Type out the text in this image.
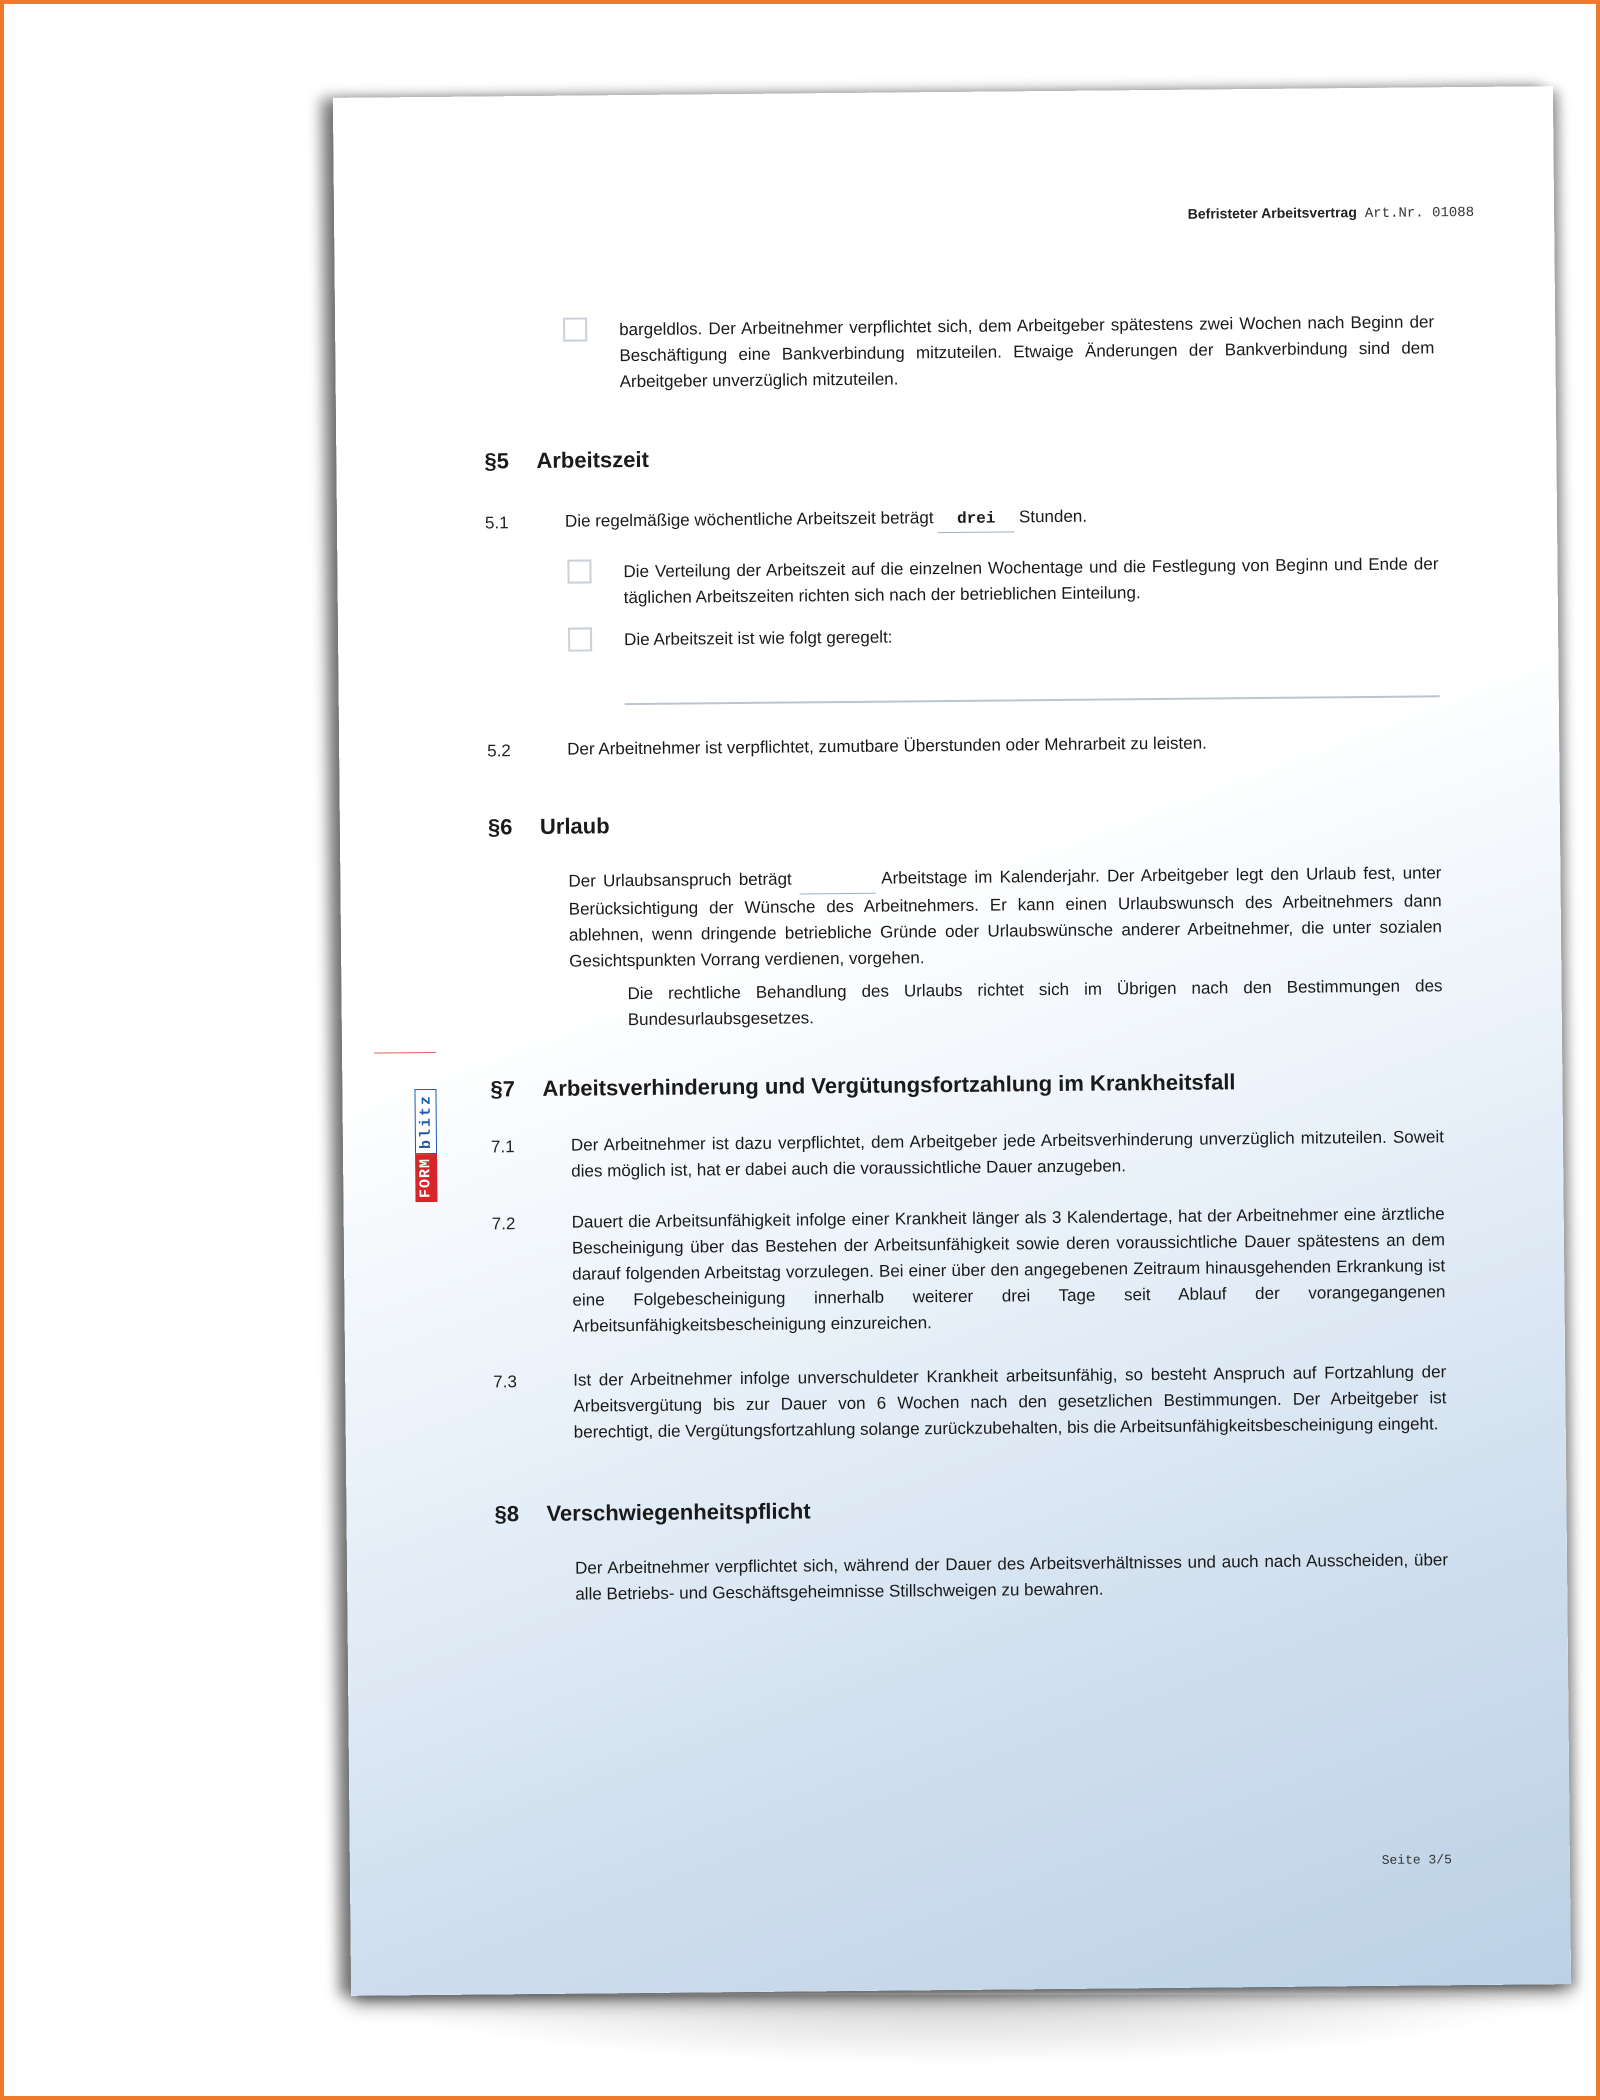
Befristeter Arbeitsvertrag Art.Nr. 01088
bargeldlos. Der Arbeitnehmer verpflichtet sich, dem Arbeitgeber spätestens zwei Wochen nach Beginn der Beschäftigung eine Bankverbindung mitzuteilen. Etwaige Änderungen der Bankverbindung sind dem Arbeitgeber unverzüglich mitzuteilen.
§5 Arbeitszeit
5.1	Die regelmäßige wöchentliche Arbeitszeit beträgt drei Stunden.
Die Verteilung der Arbeitszeit auf die einzelnen Wochentage und die Festlegung von Beginn und Ende der täglichen Arbeitszeiten richten sich nach der betrieblichen Einteilung.
Die Arbeitszeit ist wie folgt geregelt:
5.2	Der Arbeitnehmer ist verpflichtet, zumutbare Überstunden oder Mehrarbeit zu leisten.
§6 Urlaub
Der Urlaubsanspruch beträgt	Arbeitstage im Kalenderjahr. Der Arbeitgeber legt den Urlaub fest, unter Berücksichtigung der Wünsche des Arbeitnehmers. Er kann einen Urlaubswunsch des Arbeitnehmers dann ablehnen, wenn dringende betriebliche Gründe oder Urlaubswünsche anderer Arbeitnehmer, die unter sozialen Gesichtspunkten Vorrang verdienen, vorgehen.
Die rechtliche Behandlung des Urlaubs richtet sich im Übrigen nach den Bestimmungen des Bundesurlaubsgesetzes.
§7 Arbeitsverhinderung und Vergütungsfortzahlung im Krankheitsfall
7.1	Der Arbeitnehmer ist dazu verpflichtet, dem Arbeitgeber jede Arbeitsverhinderung unverzüglich mitzuteilen. Soweit dies möglich ist, hat er dabei auch die voraussichtliche Dauer anzugeben.
7.2	Dauert die Arbeitsunfähigkeit infolge einer Krankheit länger als 3 Kalendertage, hat der Arbeitnehmer eine ärztliche Bescheinigung über das Bestehen der Arbeitsunfähigkeit sowie deren voraussichtliche Dauer spätestens an dem darauf folgenden Arbeitstag vorzulegen. Bei einer über den angegebenen Zeitraum hinausgehenden Erkrankung ist eine Folgebescheinigung innerhalb weiterer drei Tage seit Ablauf der vorangegangenen Arbeitsunfähigkeitsbescheinigung einzureichen.
7.3	Ist der Arbeitnehmer infolge unverschuldeter Krankheit arbeitsunfähig, so besteht Anspruch auf Fortzahlung der Arbeitsvergütung bis zur Dauer von 6 Wochen nach den gesetzlichen Bestimmungen. Der Arbeitgeber ist berechtigt, die Vergütungsfortzahlung solange zurückzubehalten, bis die Arbeitsunfähigkeitsbescheinigung eingeht.
§8 Verschwiegenheitspflicht
Der Arbeitnehmer verpflichtet sich, während der Dauer des Arbeitsverhältnisses und auch nach Ausscheiden, über alle Betriebs- und Geschäftsgeheimnisse Stillschweigen zu bewahren.
Seite 3/5
FORM
blitz
